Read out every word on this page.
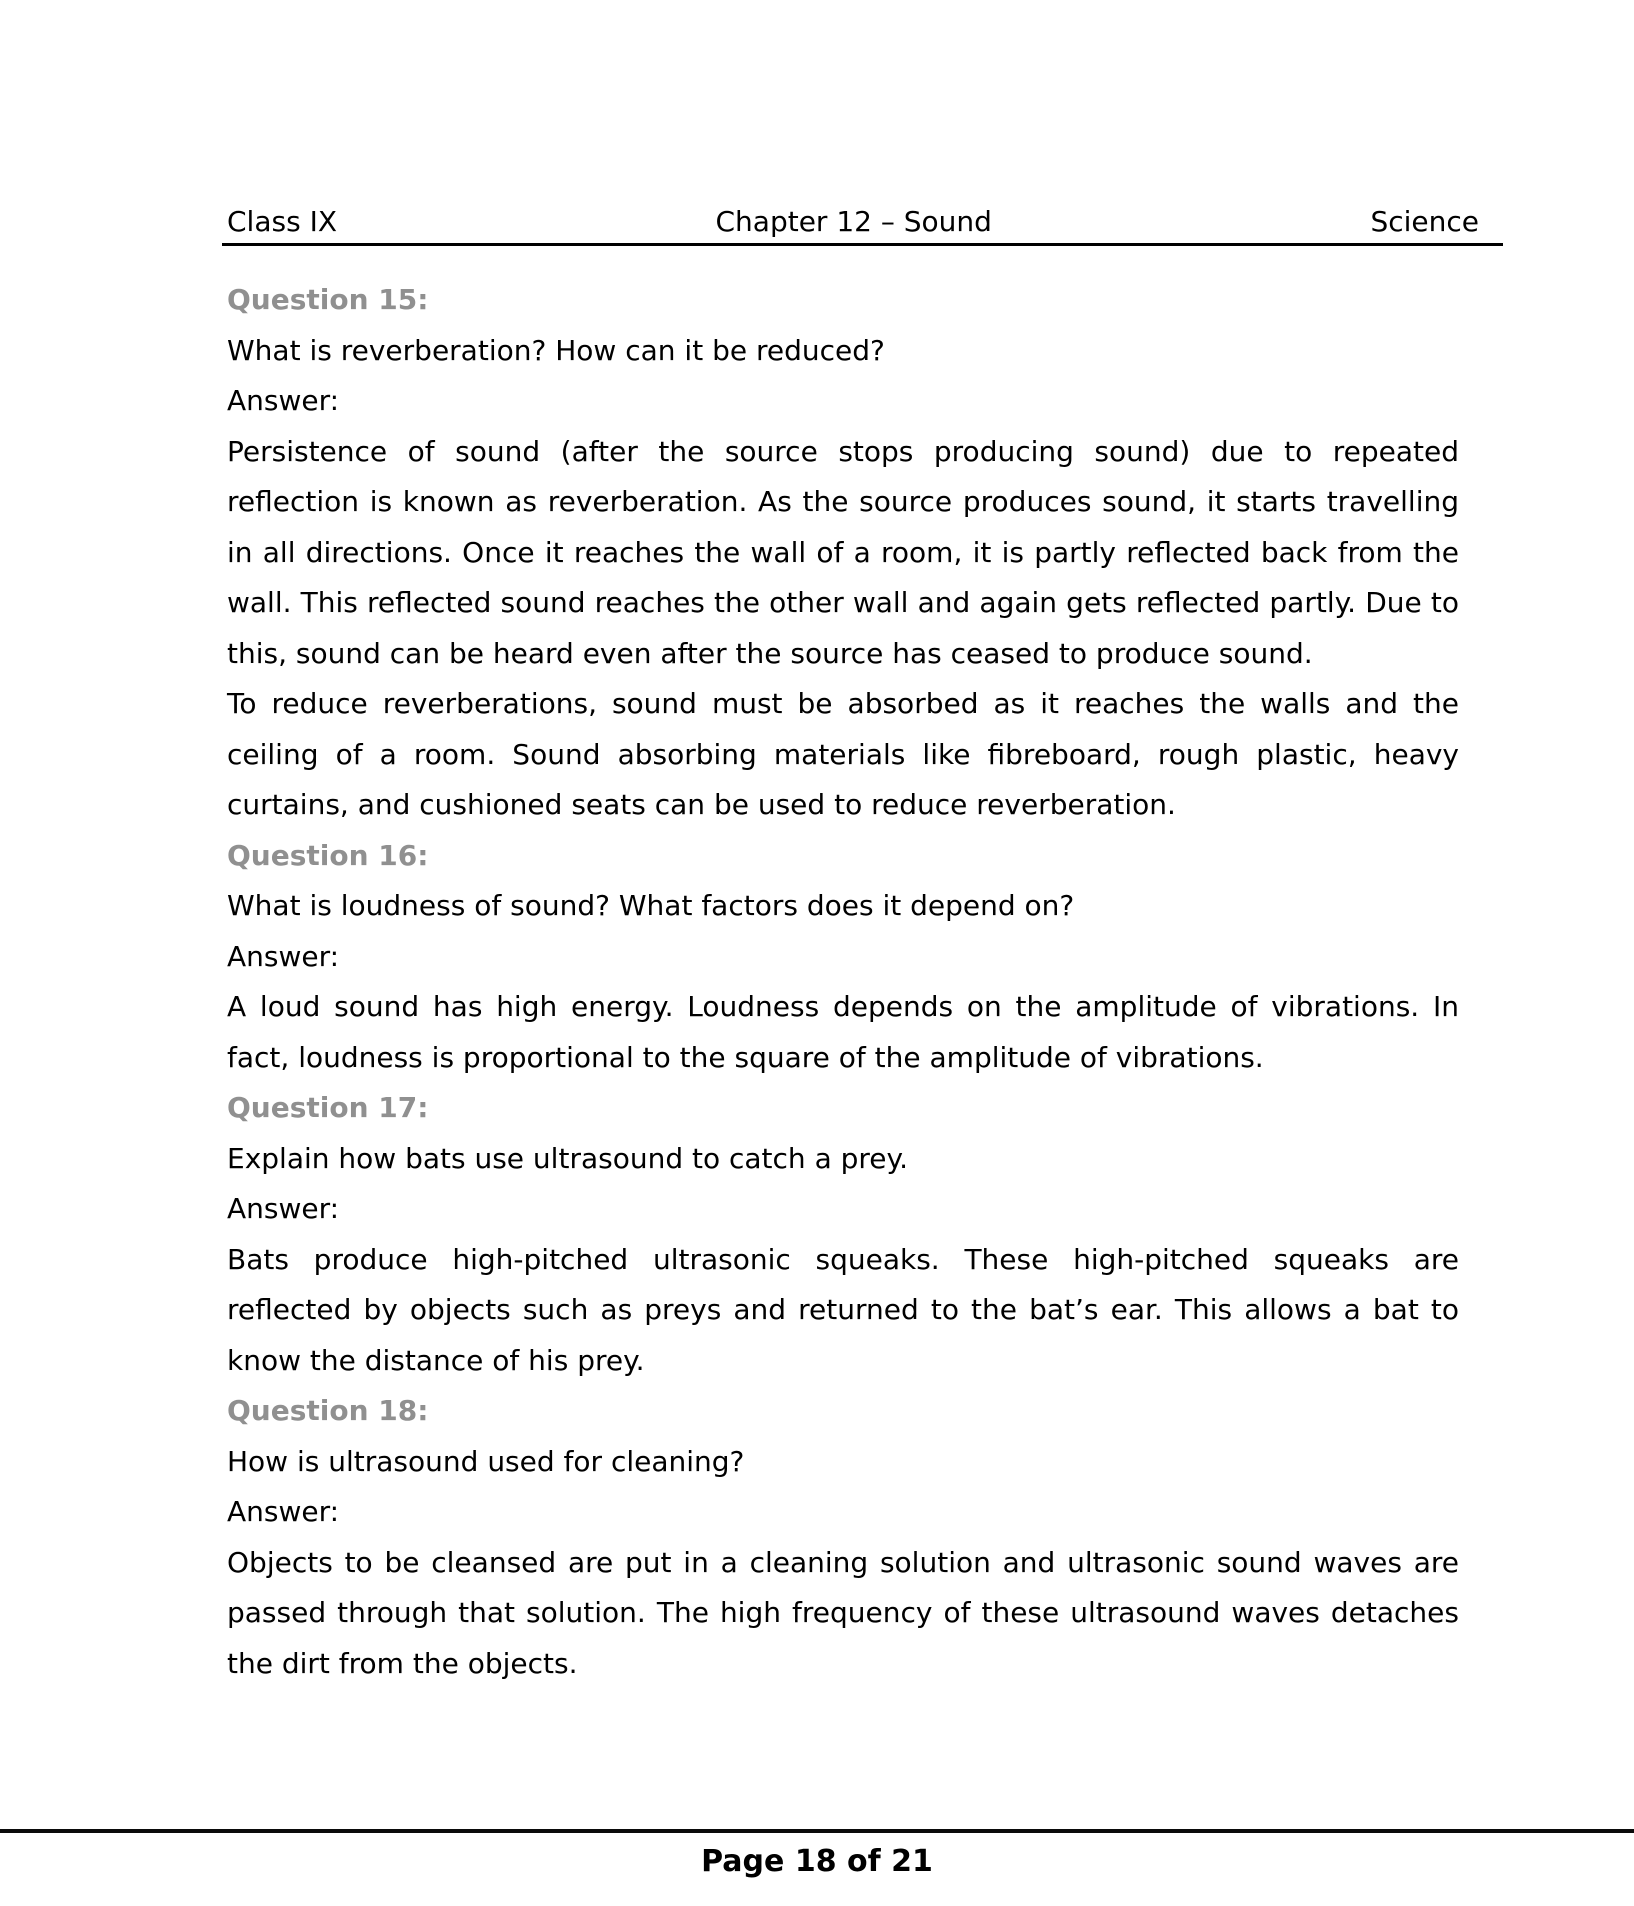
Class IX	Chapter 12 – Sound	Science

Question 15:

What is reverberation? How can it be reduced?

Answer:

Persistence of sound (after the source stops producing sound) due to repeated reflection is known as reverberation. As the source produces sound, it starts travelling in all directions. Once it reaches the wall of a room, it is partly reflected back from the wall. This reflected sound reaches the other wall and again gets reflected partly. Due to this, sound can be heard even after the source has ceased to produce sound.

To reduce reverberations, sound must be absorbed as it reaches the walls and the ceiling of a room. Sound absorbing materials like fibreboard, rough plastic, heavy curtains, and cushioned seats can be used to reduce reverberation.

Question 16:

What is loudness of sound? What factors does it depend on?

Answer:

A loud sound has high energy. Loudness depends on the amplitude of vibrations. In fact, loudness is proportional to the square of the amplitude of vibrations.

Question 17:

Explain how bats use ultrasound to catch a prey.

Answer:

Bats produce high-pitched ultrasonic squeaks. These high-pitched squeaks are reflected by objects such as preys and returned to the bat’s ear. This allows a bat to know the distance of his prey.

Question 18:

How is ultrasound used for cleaning?

Answer:

Objects to be cleansed are put in a cleaning solution and ultrasonic sound waves are passed through that solution. The high frequency of these ultrasound waves detaches the dirt from the objects.

Page 18 of 21
